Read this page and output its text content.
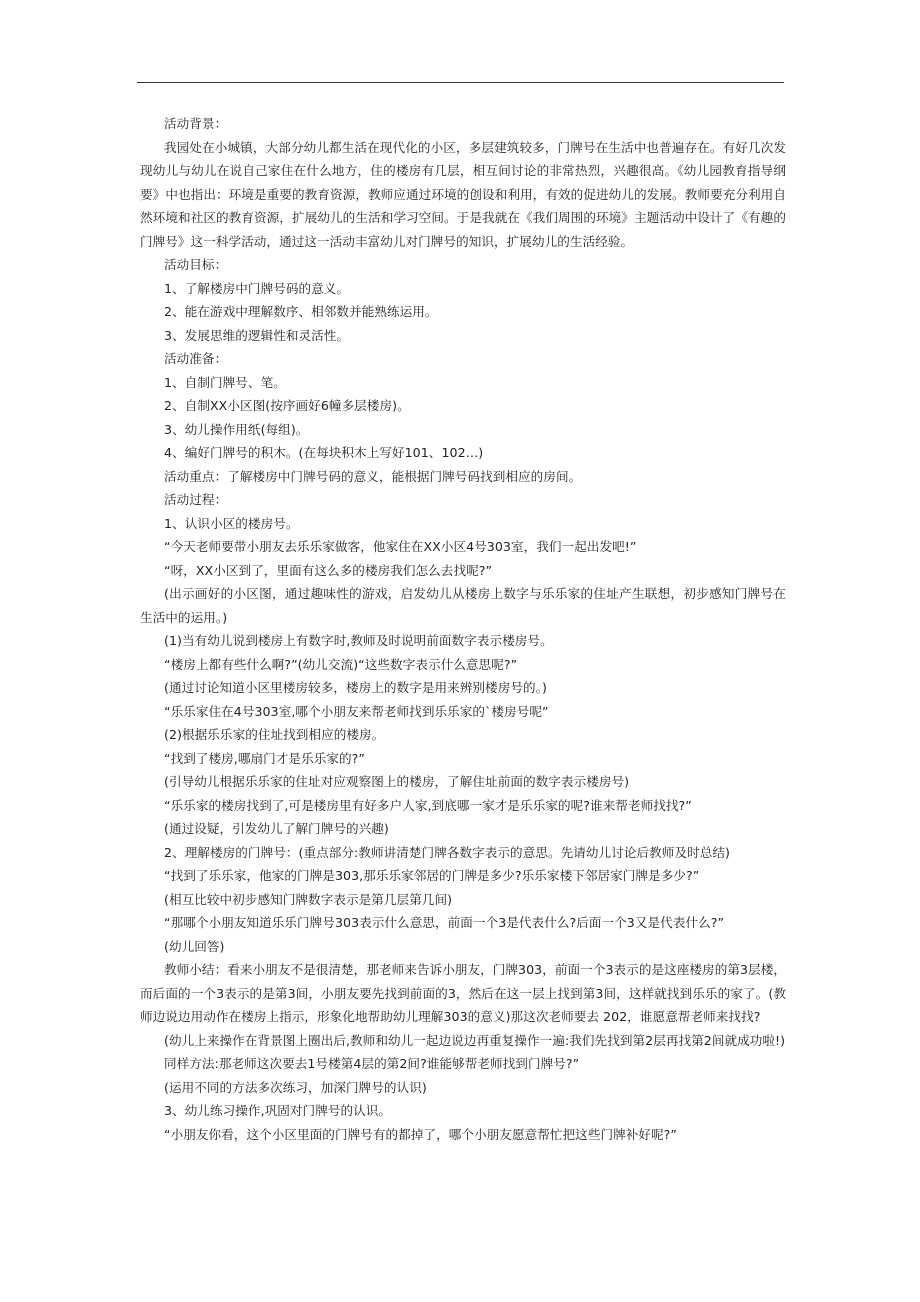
活动背景：

我园处在小城镇，大部分幼儿都生活在现代化的小区，多层建筑较多，门牌号在生活中也普遍存在。有好几次发现幼儿与幼儿在说自己家住在什么地方，住的楼房有几层，相互间讨论的非常热烈，兴趣很高。《幼儿园教育指导纲要》中也指出：环境是重要的教育资源，教师应通过环境的创设和利用，有效的促进幼儿的发展。教师要充分利用自然环境和社区的教育资源，扩展幼儿的生活和学习空间。于是我就在《我们周围的环境》主题活动中设计了《有趣的门牌号》这一科学活动，通过这一活动丰富幼儿对门牌号的知识，扩展幼儿的生活经验。

活动目标：

1、了解楼房中门牌号码的意义。

2、能在游戏中理解数序、相邻数并能熟练运用。

3、发展思维的逻辑性和灵活性。

活动准备：

1、自制门牌号、笔。

2、自制XX小区图(按序画好6幢多层楼房)。

3、幼儿操作用纸(每组)。

4、编好门牌号的积木。(在每块积木上写好101、102…)

活动重点：了解楼房中门牌号码的意义，能根据门牌号码找到相应的房间。

活动过程：

1、认识小区的楼房号。

“今天老师要带小朋友去乐乐家做客，他家住在XX小区4号303室，我们一起出发吧!”

“呀，XX小区到了，里面有这么多的楼房我们怎么去找呢?”

(出示画好的小区图，通过趣味性的游戏，启发幼儿从楼房上数字与乐乐家的住址产生联想，初步感知门牌号在生活中的运用。)

(1)当有幼儿说到楼房上有数字时,教师及时说明前面数字表示楼房号。

“楼房上都有些什么啊?”(幼儿交流)“这些数字表示什么意思呢?”

(通过讨论知道小区里楼房较多，楼房上的数字是用来辨别楼房号的。)

“乐乐家住在4号303室,哪个小朋友来帮老师找到乐乐家的`楼房号呢”

(2)根据乐乐家的住址找到相应的楼房。

“找到了楼房,哪扇门才是乐乐家的?”

(引导幼儿根据乐乐家的住址对应观察图上的楼房，了解住址前面的数字表示楼房号)

“乐乐家的楼房找到了,可是楼房里有好多户人家,到底哪一家才是乐乐家的呢?谁来帮老师找找?”

(通过设疑，引发幼儿了解门牌号的兴趣)

2、理解楼房的门牌号：(重点部分:教师讲清楚门牌各数字表示的意思。先请幼儿讨论后教师及时总结)

“找到了乐乐家，他家的门牌是303,那乐乐家邻居的门牌是多少?乐乐家楼下邻居家门牌是多少?”

(相互比较中初步感知门牌数字表示是第几层第几间)

“那哪个小朋友知道乐乐门牌号303表示什么意思，前面一个3是代表什么?后面一个3又是代表什么?”

(幼儿回答)

教师小结：看来小朋友不是很清楚，那老师来告诉小朋友，门牌303，前面一个3表示的是这座楼房的第3层楼，而后面的一个3表示的是第3间，小朋友要先找到前面的3，然后在这一层上找到第3间，这样就找到乐乐的家了。(教师边说边用动作在楼房上指示，形象化地帮助幼儿理解303的意义)那这次老师要去 202，谁愿意帮老师来找找?

(幼儿上来操作在背景图上圈出后,教师和幼儿一起边说边再重复操作一遍:我们先找到第2层再找第2间就成功啦!)

同样方法:那老师这次要去1号楼第4层的第2间?谁能够帮老师找到门牌号?”

(运用不同的方法多次练习，加深门牌号的认识)

3、幼儿练习操作,巩固对门牌号的认识。

“小朋友你看，这个小区里面的门牌号有的都掉了，哪个小朋友愿意帮忙把这些门牌补好呢?”
